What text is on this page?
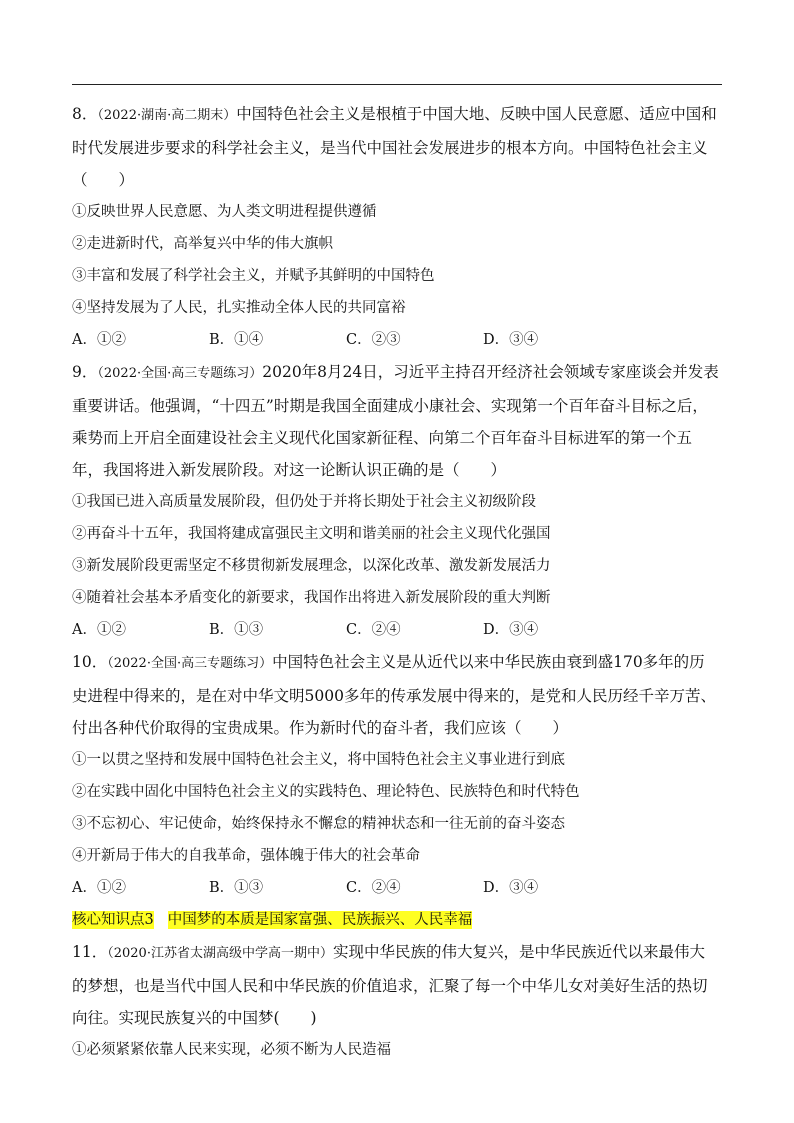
8．（2022·湖南·高二期末）中国特色社会主义是根植于中国大地、反映中国人民意愿、适应中国和时代发展进步要求的科学社会主义，是当代中国社会发展进步的根本方向。中国特色社会主义（　　）

①反映世界人民意愿、为人类文明进程提供遵循

②走进新时代，高举复兴中华的伟大旗帜

③丰富和发展了科学社会主义，并赋予其鲜明的中国特色

④坚持发展为了人民，扎实推动全体人民的共同富裕

A．①②	B．①④	C．②③	D．③④

9．（2022·全国·高三专题练习）2020年8月24日，习近平主持召开经济社会领域专家座谈会并发表重要讲话。他强调，“十四五”时期是我国全面建成小康社会、实现第一个百年奋斗目标之后，乘势而上开启全面建设社会主义现代化国家新征程、向第二个百年奋斗目标进军的第一个五年，我国将进入新发展阶段。对这一论断认识正确的是（　　）

①我国已进入高质量发展阶段，但仍处于并将长期处于社会主义初级阶段

②再奋斗十五年，我国将建成富强民主文明和谐美丽的社会主义现代化强国

③新发展阶段更需坚定不移贯彻新发展理念，以深化改革、激发新发展活力

④随着社会基本矛盾变化的新要求，我国作出将进入新发展阶段的重大判断

A．①②	B．①③	C．②④	D．③④

10．（2022·全国·高三专题练习）中国特色社会主义是从近代以来中华民族由衰到盛170多年的历史进程中得来的，是在对中华文明5000多年的传承发展中得来的，是党和人民历经千辛万苦、付出各种代价取得的宝贵成果。作为新时代的奋斗者，我们应该（　　）

①一以贯之坚持和发展中国特色社会主义，将中国特色社会主义事业进行到底

②在实践中固化中国特色社会主义的实践特色、理论特色、民族特色和时代特色

③不忘初心、牢记使命，始终保持永不懈怠的精神状态和一往无前的奋斗姿态

④开新局于伟大的自我革命，强体魄于伟大的社会革命

A．①②	B．①③	C．②④	D．③④

核心知识点3 中国梦的本质是国家富强、民族振兴、人民幸福

11．（2020·江苏省太湖高级中学高一期中）实现中华民族的伟大复兴，是中华民族近代以来最伟大的梦想，也是当代中国人民和中华民族的价值追求，汇聚了每一个中华儿女对美好生活的热切向往。实现民族复兴的中国梦(　　)

①必须紧紧依靠人民来实现，必须不断为人民造福
